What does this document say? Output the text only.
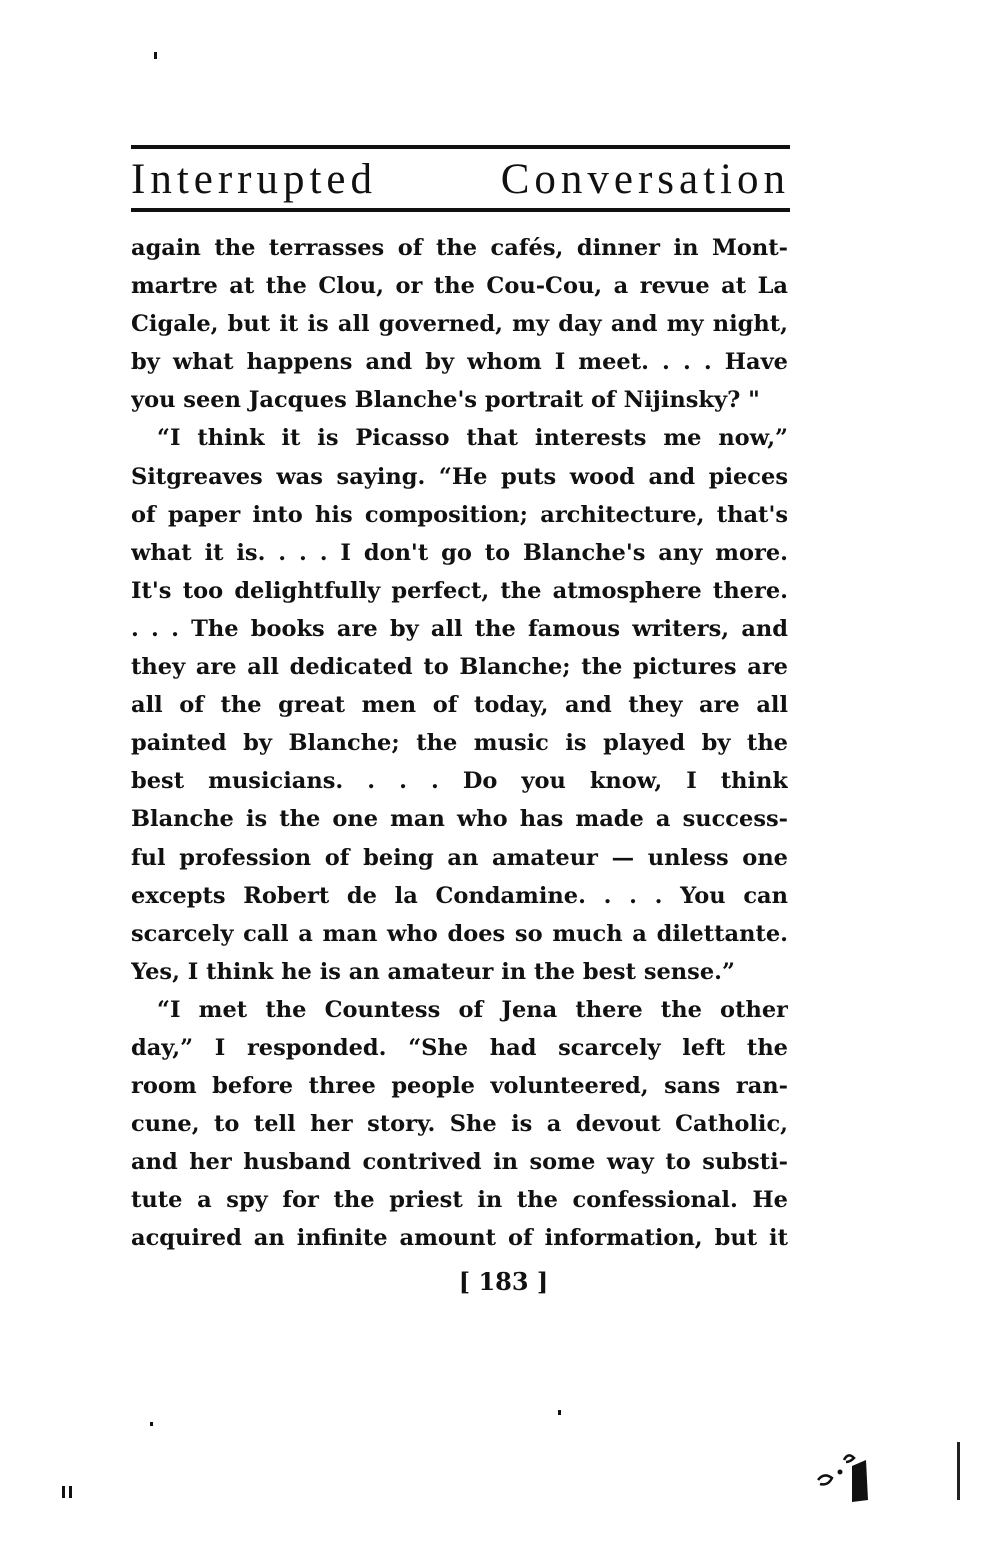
Interrupted	Conversation
again the terrasses of the cafés, dinner in Mont-
martre at the Clou, or the Cou-Cou, a revue at La
Cigale, but it is all governed, my day and my night,
by what happens and by whom I meet. . . . Have
you seen Jacques Blanche's portrait of Nijinsky? "
“I think it is Picasso that interests me now,”
Sitgreaves was saying. “He puts wood and pieces
of paper into his composition; architecture, that's
what it is. . . . I don't go to Blanche's any more.
It's too delightfully perfect, the atmosphere there.
. . . The books are by all the famous writers, and
they are all dedicated to Blanche; the pictures are
all of the great men of today, and they are all
painted by Blanche; the music is played by the
best musicians. . . . Do you know, I think
Blanche is the one man who has made a success-
ful profession of being an amateur — unless one
excepts Robert de la Condamine. . . . You can
scarcely call a man who does so much a dilettante.
Yes, I think he is an amateur in the best sense.”
“I met the Countess of Jena there the other
day,” I responded. “She had scarcely left the
room before three people volunteered, sans ran-
cune, to tell her story. She is a devout Catholic,
and her husband contrived in some way to substi-
tute a spy for the priest in the confessional. He
acquired an infinite amount of information, but it
[ 183 ]
